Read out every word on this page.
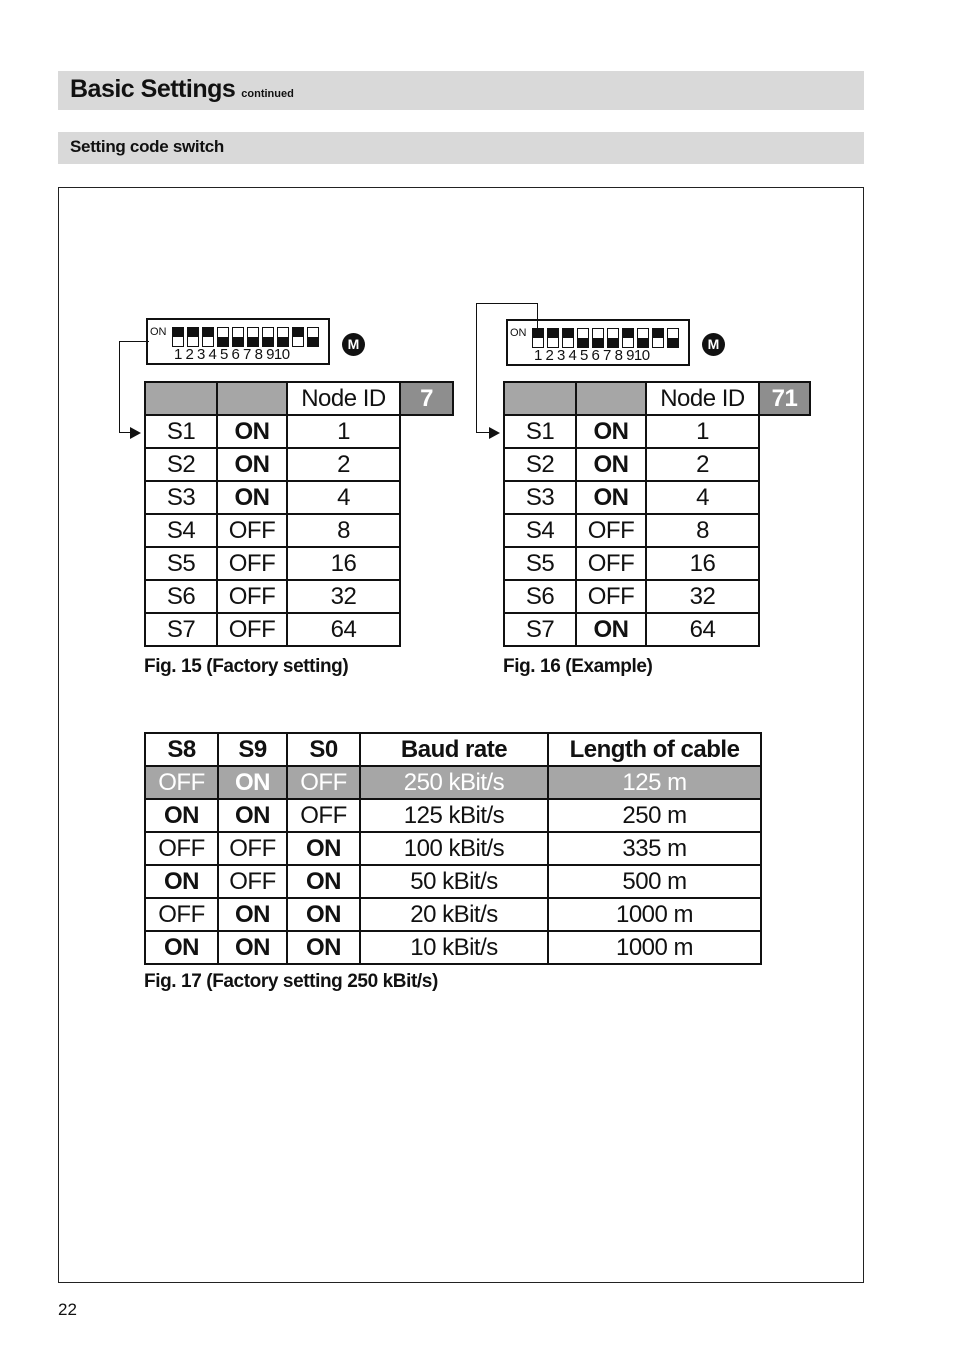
Basic Settings continued
Setting code switch
ON
1 2 3 4 5 6 7 8 910
M
		Node ID	7
S1	ON	1	
S2	ON	2	
S3	ON	4	
S4	OFF	8	
S5	OFF	16	
S6	OFF	32	
S7	OFF	64	
Fig. 15 (Factory setting)
ON
1 2 3 4 5 6 7 8 910
M
		Node ID	71
S1	ON	1	
S2	ON	2	
S3	ON	4	
S4	OFF	8	
S5	OFF	16	
S6	OFF	32	
S7	ON	64	
Fig. 16 (Example)
S8	S9	S0	Baud rate	Length of cable
OFF	ON	OFF	250 kBit/s	125 m
ON	ON	OFF	125 kBit/s	250 m
OFF	OFF	ON	100 kBit/s	335 m
ON	OFF	ON	50 kBit/s	500 m
OFF	ON	ON	20 kBit/s	1000 m
ON	ON	ON	10 kBit/s	1000 m
Fig. 17 (Factory setting 250 kBit/s)
22
